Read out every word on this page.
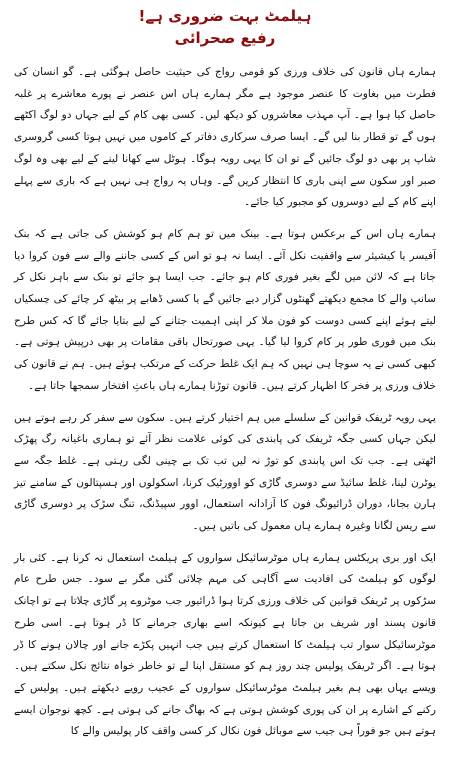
ہیلمٹ بہت ضروری ہے!
رفیع صحرائی

ہمارے ہاں قانون کی خلاف ورزی کو قومی رواج کی حیثیت حاصل ہوگئی ہے۔ گو انسان کی فطرت میں بغاوت کا عنصر موجود ہے مگر ہمارے ہاں اس عنصر نے پورے معاشرے پر غلبہ حاصل کیا ہوا ہے۔ آپ مہذب معاشروں کو دیکھ لیں۔ کسی بھی کام کے لیے جہاں دو لوگ اکٹھے ہوں گے تو قطار بنا لیں گے۔ ایسا صرف سرکاری دفاتر کے کاموں میں نہیں ہوتا کسی گروسری شاپ پر بھی دو لوگ جائیں گے تو ان کا یہی رویہ ہوگا۔ ہوٹل سے کھانا لینے کے لیے بھی وہ لوگ صبر اور سکون سے اپنی باری کا انتظار کریں گے۔ وہاں یہ رواج ہی نہیں ہے کہ باری سے پہلے اپنے کام کے لیے دوسروں کو مجبور کیا جائے۔

ہمارے ہاں اس کے برعکس ہوتا ہے۔ بینک میں تو ہم کام ہو کوشش کی جاتی ہے کہ بنک آفیسر یا کیشیئر سے واقفیت نکل آئے۔ ایسا نہ ہو تو اس کے کسی جاننے والے سے فون کروا دیا جاتا ہے کہ لائن میں لگے بغیر فوری کام ہو جائے۔ جب ایسا ہو جائے تو بنک سے باہر نکل کر سانپ والے کا مجمع دیکھتے گھنٹوں گزار دیے جائیں گے یا کسی ڈھابے پر بیٹھ کر چائے کی چسکیاں لیتے ہوئے اپنے کسی دوست کو فون ملا کر اپنی اہمیت جتانے کے لیے بتایا جائے گا کہ کس طرح بنک میں فوری طور پر کام کروا لیا گیا۔ یہی صورتحال باقی مقامات پر بھی درپیش ہوتی ہے۔ کبھی کسی نے یہ سوچا ہی نہیں کہ ہم ایک غلط حرکت کے مرتکب ہوئے ہیں۔ ہم نے قانون کی خلاف ورزی پر فخر کا اظہار کرتے ہیں۔ قانون توڑنا ہمارے ہاں باعثِ افتخار سمجھا جاتا ہے۔

یہی رویہ ٹریفک قوانین کے سلسلے میں ہم اختیار کرتے ہیں۔ سکون سے سفر کر رہے ہوتے ہیں لیکن جہاں کسی جگہ ٹریفک کی پابندی کی کوئی علامت نظر آئے تو ہماری باغیانہ رگ پھڑک اٹھتی ہے۔ جب تک اس پابندی کو توڑ نہ لیں تب تک بے چینی لگی رہتی ہے۔ غلط جگہ سے یوٹرن لینا، غلط سائیڈ سے دوسری گاڑی کو اوورٹیک کرنا، اسکولوں اور ہسپتالوں کے سامنے تیز ہارن بجانا، دوران ڈرائیونگ فون کا آزادانہ استعمال، اوور سپیڈنگ، تنگ سڑک پر دوسری گاڑی سے ریس لگانا وغیرہ ہمارے ہاں معمول کی باتیں ہیں۔

ایک اور بری پریکٹس ہمارے ہاں موٹرسائیکل سواروں کے ہیلمٹ استعمال نہ کرنا ہے۔ کئی بار لوگوں کو ہیلمٹ کی افادیت سے آگاہی کی مہم چلائی گئی مگر بے سود۔ جس طرح عام سڑکوں پر ٹریفک قوانین کی خلاف ورزی کرتا ہوا ڈرائیور جب موٹروے پر گاڑی چلاتا ہے تو اچانک قانون پسند اور شریف بن جاتا ہے کیونکہ اسے بھاری جرمانے کا ڈر ہوتا ہے۔ اسی طرح موٹرسائیکل سوار تب ہیلمٹ کا استعمال کرتے ہیں جب انہیں پکڑے جانے اور چالان ہونے کا ڈر ہوتا ہے۔ اگر ٹریفک پولیس چند روز ہم کو مستقل اپنا لے تو خاطر خواہ نتائج نکل سکتے ہیں۔ ویسے یہاں بھی ہم بغیر ہیلمٹ موٹرسائیکل سواروں کے عجیب رویے دیکھتے ہیں۔ پولیس کے رکنے کے اشارے پر ان کی پوری کوشش ہوتی ہے کہ بھاگ جانے کی ہوتی ہے۔ کچھ نوجوان ایسے ہوتے ہیں جو فوراً ہی جیب سے موبائل فون نکال کر کسی واقف کار پولیس والے کا
